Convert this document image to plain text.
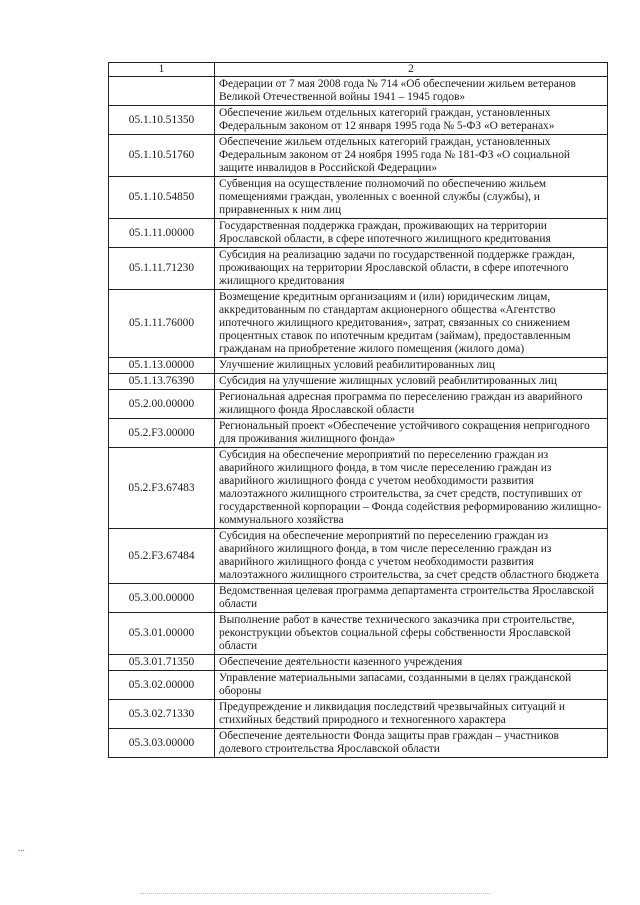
1	2
	Федерации от 7 мая 2008 года № 714 «Об обеспечении жильем ветеранов Великой Отечественной войны 1941 – 1945 годов»
05.1.10.51350	Обеспечение жильем отдельных категорий граждан, установленных Федеральным законом от 12 января 1995 года № 5-ФЗ «О ветеранах»
05.1.10.51760	Обеспечение жильем отдельных категорий граждан, установленных Федеральным законом от 24 ноября 1995 года № 181-ФЗ «О социальной защите инвалидов в Российской Федерации»
05.1.10.54850	Субвенция на осуществление полномочий по обеспечению жильем помещениями граждан, уволенных с военной службы (службы), и приравненных к ним лиц
05.1.11.00000	Государственная поддержка граждан, проживающих на территории Ярославской области, в сфере ипотечного жилищного кредитования
05.1.11.71230	Субсидия на реализацию задачи по государственной поддержке граждан, проживающих на территории Ярославской области, в сфере ипотечного жилищного кредитования
05.1.11.76000	Возмещение кредитным организациям и (или) юридическим лицам, аккредитованным по стандартам акционерного общества «Агентство ипотечного жилищного кредитования», затрат, связанных со снижением процентных ставок по ипотечным кредитам (займам), предоставленным гражданам на приобретение жилого помещения (жилого дома)
05.1.13.00000	Улучшение жилищных условий реабилитированных лиц
05.1.13.76390	Субсидия на улучшение жилищных условий реабилитированных лиц
05.2.00.00000	Региональная адресная программа по переселению граждан из аварийного жилищного фонда Ярославской области
05.2.F3.00000	Региональный проект «Обеспечение устойчивого сокращения непригодного для проживания жилищного фонда»
05.2.F3.67483	Субсидия на обеспечение мероприятий по переселению граждан из аварийного жилищного фонда, в том числе переселению граждан из аварийного жилищного фонда с учетом необходимости развития малоэтажного жилищного строительства, за счет средств, поступивших от государственной корпорации – Фонда содействия реформированию жилищно-коммунального хозяйства
05.2.F3.67484	Субсидия на обеспечение мероприятий по переселению граждан из аварийного жилищного фонда, в том числе переселению граждан из аварийного жилищного фонда с учетом необходимости развития малоэтажного жилищного строительства, за счет средств областного бюджета
05.3.00.00000	Ведомственная целевая программа департамента строительства Ярославской области
05.3.01.00000	Выполнение работ в качестве технического заказчика при строительстве, реконструкции объектов социальной сферы собственности Ярославской области
05.3.01.71350	Обеспечение деятельности казенного учреждения
05.3.02.00000	Управление материальными запасами, созданными в целях гражданской обороны
05.3.02.71330	Предупреждение и ликвидация последствий чрезвычайных ситуаций и стихийных бедствий природного и техногенного характера
05.3.03.00000	Обеспечение деятельности Фонда защиты прав граждан – участников долевого строительства Ярославской области
...
